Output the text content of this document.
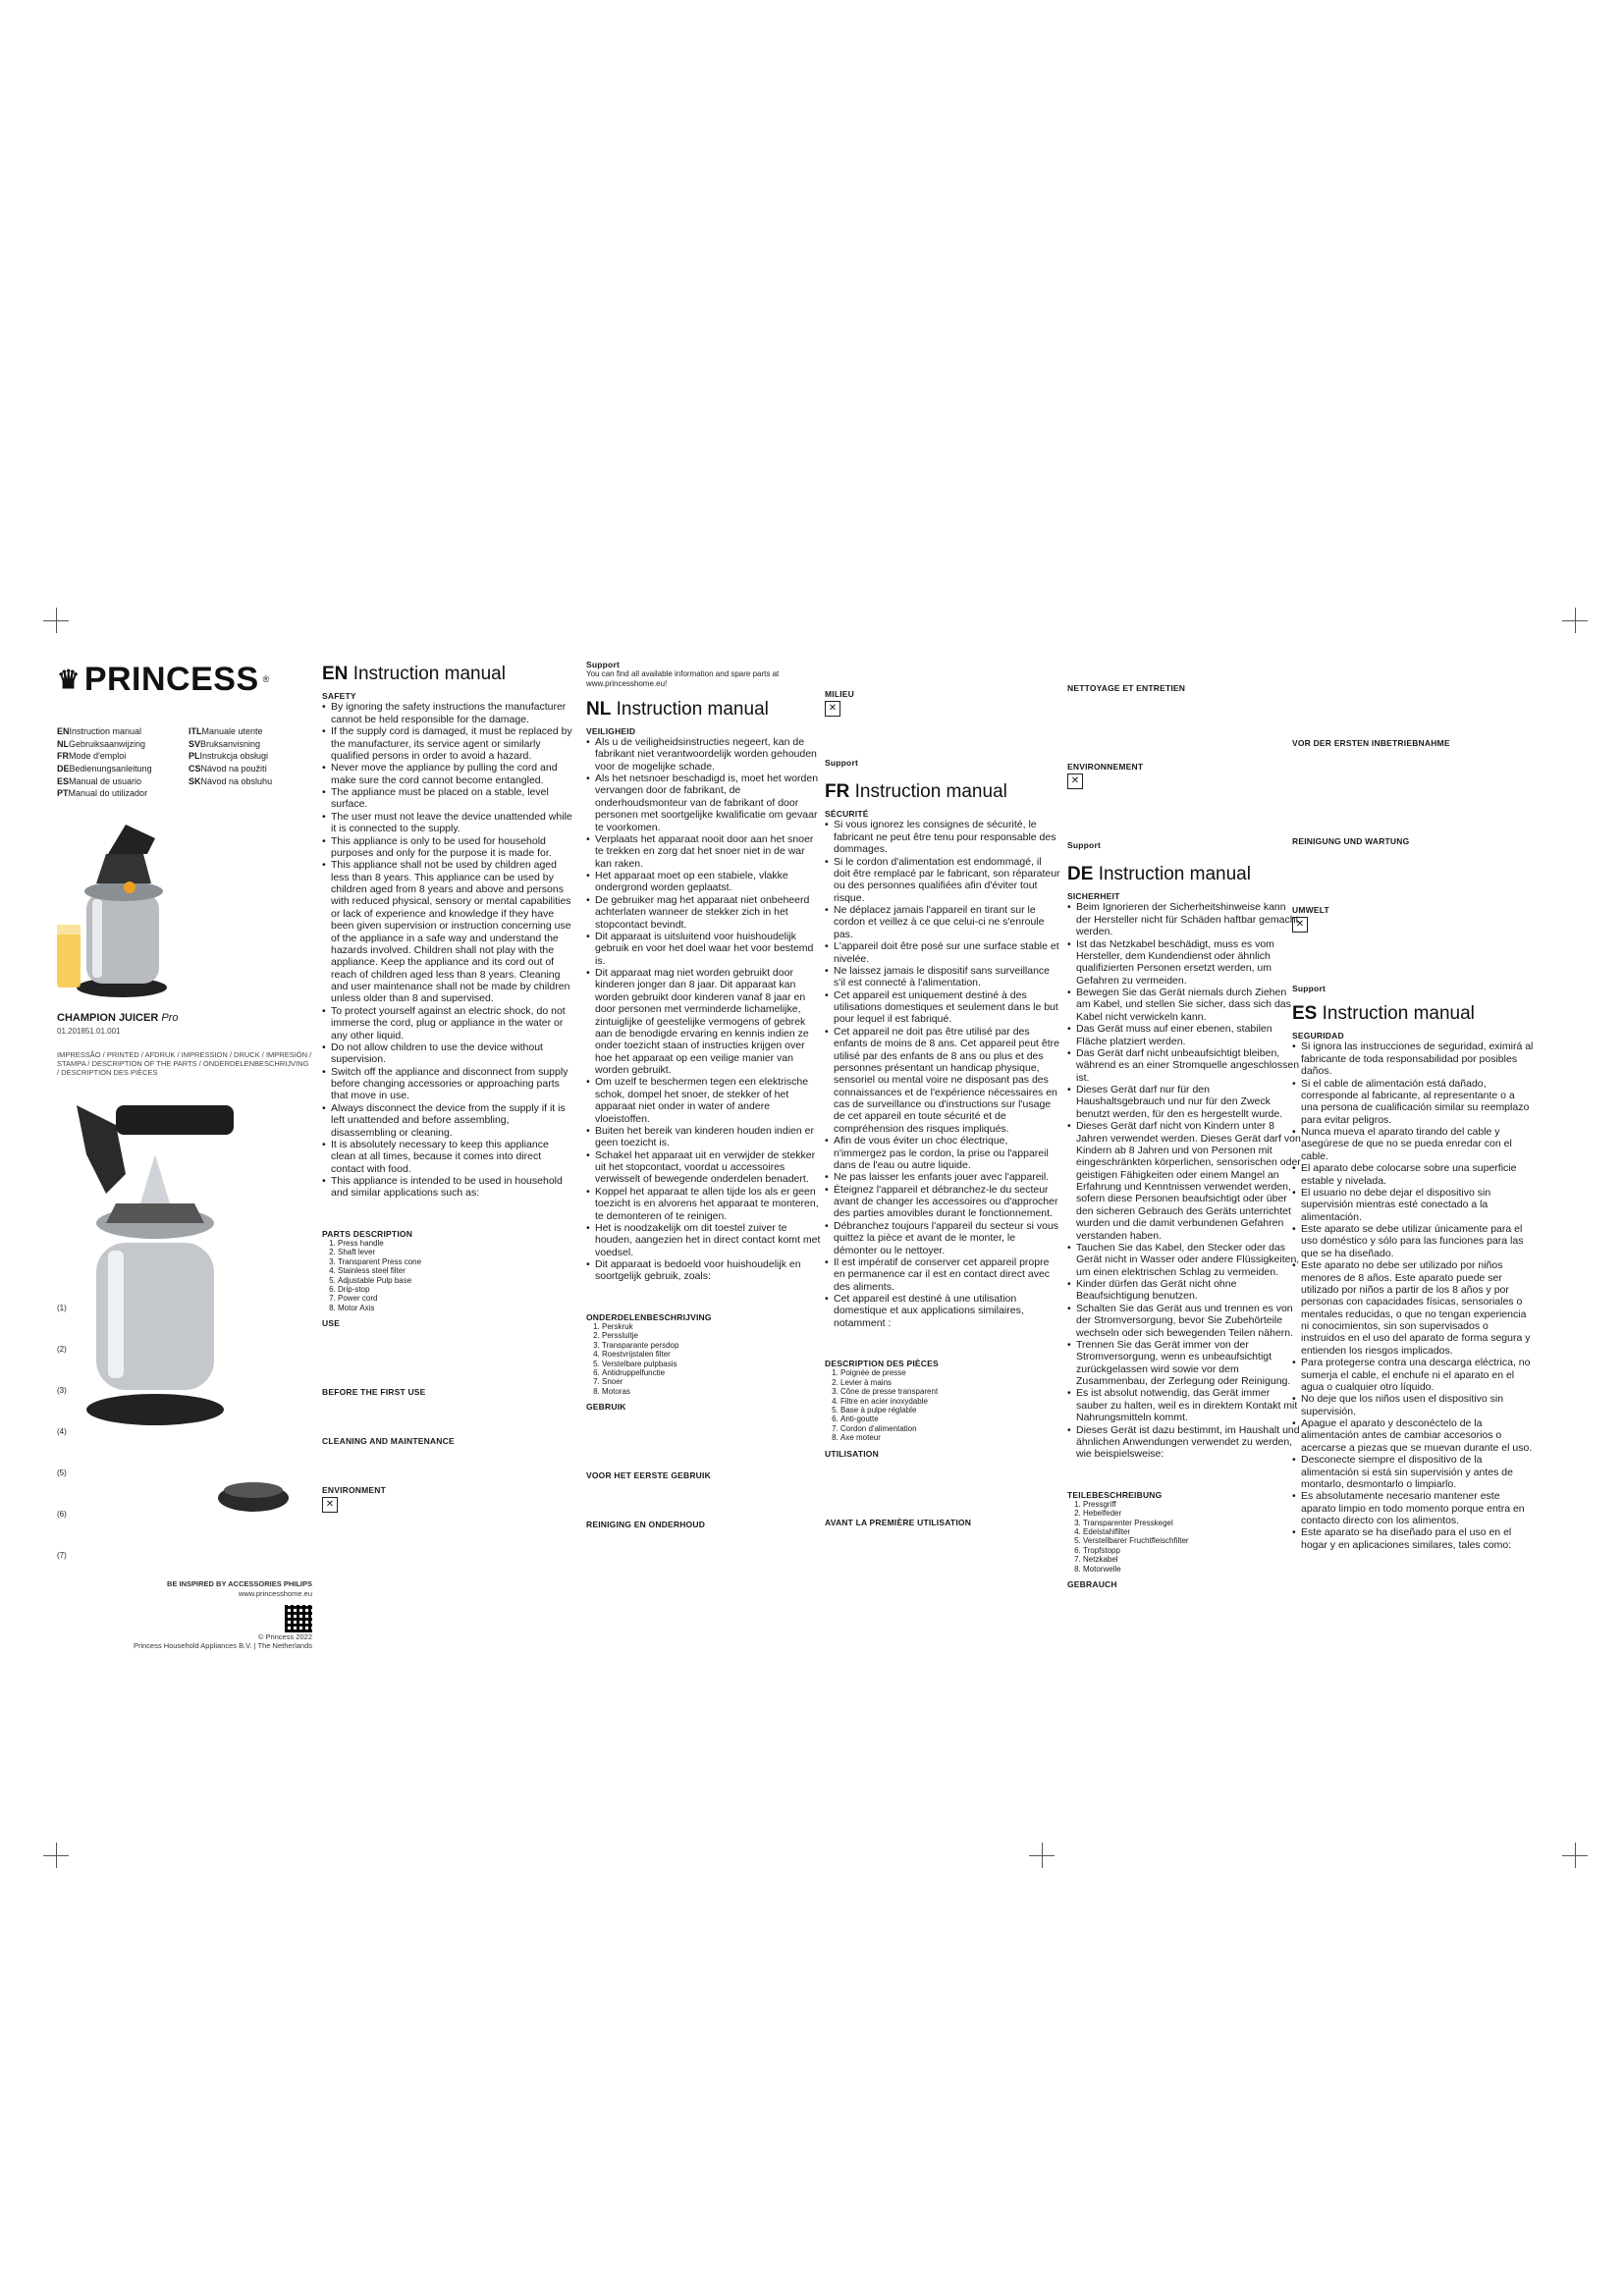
♛ PRINCESS ®
ENInstruction manual	ITLManuale utente
NLGebruiksaanwijzing	SVBruksanvisning
FRMode d'emploi	PLInstrukcja obsługi
DEBedienungsanleitung	CSNávod na použití
ESManual de usuario	SKNávod na obsluhu
PTManual do utilizador
CHAMPION JUICER Pro
01.201851.01.001
IMPRESSÃO / PRINTED / AFDRUK / IMPRESSION / DRUCK / IMPRESIÓN / STAMPA / DESCRIPTION OF THE PARTS / ONDERDELENBESCHRIJVING / DESCRIPTION DES PIÈCES
(1)
(2)
(3)
(4)
(5)
(6)
(7)
BE INSPIRED BY ACCESSORIES PHILIPS
www.princesshome.eu
© Princess 2022
Princess Household Appliances B.V. | The Netherlands
EN Instruction manual
SAFETY
• By ignoring the safety instructions the manufacturer cannot be held responsible for the damage.
• If the supply cord is damaged, it must be replaced by the manufacturer, its service agent or similarly qualified persons in order to avoid a hazard.
• Never move the appliance by pulling the cord and make sure the cord cannot become entangled.
• The appliance must be placed on a stable, level surface.
• The user must not leave the device unattended while it is connected to the supply.
• This appliance is only to be used for household purposes and only for the purpose it is made for.
• This appliance shall not be used by children aged less than 8 years. This appliance can be used by children aged from 8 years and above and persons with reduced physical, sensory or mental capabilities or lack of experience and knowledge if they have been given supervision or instruction concerning use of the appliance in a safe way and understand the hazards involved. Children shall not play with the appliance. Keep the appliance and its cord out of reach of children aged less than 8 years. Cleaning and user maintenance shall not be made by children unless older than 8 and supervised.
• To protect yourself against an electric shock, do not immerse the cord, plug or appliance in the water or any other liquid.
• Do not allow children to use the device without supervision.
• Switch off the appliance and disconnect from supply before changing accessories or approaching parts that move in use.
• Always disconnect the device from the supply if it is left unattended and before assembling, disassembling or cleaning.
• It is absolutely necessary to keep this appliance clean at all times, because it comes into direct contact with food.
• This appliance is intended to be used in household and similar applications such as:
PARTS DESCRIPTION
1. Press handle
2. Shaft lever
3. Transparent Press cone
4. Stainless steel filter
5. Adjustable Pulp base
6. Drip-stop
7. Power cord
8. Motor Axis
USE
BEFORE THE FIRST USE
CLEANING AND MAINTENANCE
ENVIRONMENT
✕
Support
You can find all available information and spare parts at www.princesshome.eu!
NL Instruction manual
VEILIGHEID
• Als u de veiligheidsinstructies negeert, kan de fabrikant niet verantwoordelijk worden gehouden voor de mogelijke schade.
• Als het netsnoer beschadigd is, moet het worden vervangen door de fabrikant, de onderhoudsmonteur van de fabrikant of door personen met soortgelijke kwalificatie om gevaar te voorkomen.
• Verplaats het apparaat nooit door aan het snoer te trekken en zorg dat het snoer niet in de war kan raken.
• Het apparaat moet op een stabiele, vlakke ondergrond worden geplaatst.
• De gebruiker mag het apparaat niet onbeheerd achterlaten wanneer de stekker zich in het stopcontact bevindt.
• Dit apparaat is uitsluitend voor huishoudelijk gebruik en voor het doel waar het voor bestemd is.
• Dit apparaat mag niet worden gebruikt door kinderen jonger dan 8 jaar. Dit apparaat kan worden gebruikt door kinderen vanaf 8 jaar en door personen met verminderde lichamelijke, zintuiglijke of geestelijke vermogens of gebrek aan de benodigde ervaring en kennis indien ze onder toezicht staan of instructies krijgen over hoe het apparaat op een veilige manier van worden gebruikt.
• Om uzelf te beschermen tegen een elektrische schok, dompel het snoer, de stekker of het apparaat niet onder in water of andere vloeistoffen.
• Buiten het bereik van kinderen houden indien er geen toezicht is.
• Schakel het apparaat uit en verwijder de stekker uit het stopcontact, voordat u accessoires verwisselt of bewegende onderdelen benadert.
• Koppel het apparaat te allen tijde los als er geen toezicht is en alvorens het apparaat te monteren, te demonteren of te reinigen.
• Het is noodzakelijk om dit toestel zuiver te houden, aangezien het in direct contact komt met voedsel.
• Dit apparaat is bedoeld voor huishoudelijk en soortgelijk gebruik, zoals:
ONDERDELENBESCHRIJVING
1. Perskruk
2. Perssluitje
3. Transparante persdop
4. Roestvrijstalen filter
5. Verstelbare pulpbasis
6. Antidruppelfunctie
7. Snoer
8. Motoras
GEBRUIK
VOOR HET EERSTE GEBRUIK
REINIGING EN ONDERHOUD
MILIEU
✕
Support
FR Instruction manual
SÉCURITÉ
• Si vous ignorez les consignes de sécurité, le fabricant ne peut être tenu pour responsable des dommages.
• Si le cordon d'alimentation est endommagé, il doit être remplacé par le fabricant, son réparateur ou des personnes qualifiées afin d'éviter tout risque.
• Ne déplacez jamais l'appareil en tirant sur le cordon et veillez à ce que celui-ci ne s'enroule pas.
• L'appareil doit être posé sur une surface stable et nivelée.
• Ne laissez jamais le dispositif sans surveillance s'il est connecté à l'alimentation.
• Cet appareil est uniquement destiné à des utilisations domestiques et seulement dans le but pour lequel il est fabriqué.
• Cet appareil ne doit pas être utilisé par des enfants de moins de 8 ans. Cet appareil peut être utilisé par des enfants de 8 ans ou plus et des personnes présentant un handicap physique, sensoriel ou mental voire ne disposant pas des connaissances et de l'expérience nécessaires en cas de surveillance ou d'instructions sur l'usage de cet appareil en toute sécurité et de compréhension des risques impliqués.
• Afin de vous éviter un choc électrique, n'immergez pas le cordon, la prise ou l'appareil dans de l'eau ou autre liquide.
• Ne pas laisser les enfants jouer avec l'appareil.
• Éteignez l'appareil et débranchez-le du secteur avant de changer les accessoires ou d'approcher des parties amovibles durant le fonctionnement.
• Débranchez toujours l'appareil du secteur si vous quittez la pièce et avant de le monter, le démonter ou le nettoyer.
• Il est impératif de conserver cet appareil propre en permanence car il est en contact direct avec des aliments.
• Cet appareil est destiné à une utilisation domestique et aux applications similaires, notamment :
DESCRIPTION DES PIÈCES
1. Poignée de presse
2. Levier à mains
3. Cône de presse transparent
4. Filtre en acier inoxydable
5. Base à pulpe réglable
6. Anti-goutte
7. Cordon d'alimentation
8. Axe moteur
UTILISATION
AVANT LA PREMIÈRE UTILISATION
NETTOYAGE ET ENTRETIEN
ENVIRONNEMENT
✕
Support
DE Instruction manual
SICHERHEIT
• Beim Ignorieren der Sicherheitshinweise kann der Hersteller nicht für Schäden haftbar gemacht werden.
• Ist das Netzkabel beschädigt, muss es vom Hersteller, dem Kundendienst oder ähnlich qualifizierten Personen ersetzt werden, um Gefahren zu vermeiden.
• Bewegen Sie das Gerät niemals durch Ziehen am Kabel, und stellen Sie sicher, dass sich das Kabel nicht verwickeln kann.
• Das Gerät muss auf einer ebenen, stabilen Fläche platziert werden.
• Das Gerät darf nicht unbeaufsichtigt bleiben, während es an einer Stromquelle angeschlossen ist.
• Dieses Gerät darf nur für den Haushaltsgebrauch und nur für den Zweck benutzt werden, für den es hergestellt wurde.
• Dieses Gerät darf nicht von Kindern unter 8 Jahren verwendet werden. Dieses Gerät darf von Kindern ab 8 Jahren und von Personen mit eingeschränkten körperlichen, sensorischen oder geistigen Fähigkeiten oder einem Mangel an Erfahrung und Kenntnissen verwendet werden, sofern diese Personen beaufsichtigt oder über den sicheren Gebrauch des Geräts unterrichtet wurden und die damit verbundenen Gefahren verstanden haben.
• Tauchen Sie das Kabel, den Stecker oder das Gerät nicht in Wasser oder andere Flüssigkeiten, um einen elektrischen Schlag zu vermeiden.
• Kinder dürfen das Gerät nicht ohne Beaufsichtigung benutzen.
• Schalten Sie das Gerät aus und trennen es von der Stromversorgung, bevor Sie Zubehörteile wechseln oder sich bewegenden Teilen nähern.
• Trennen Sie das Gerät immer von der Stromversorgung, wenn es unbeaufsichtigt zurückgelassen wird sowie vor dem Zusammenbau, der Zerlegung oder Reinigung.
• Es ist absolut notwendig, das Gerät immer sauber zu halten, weil es in direktem Kontakt mit Nahrungsmitteln kommt.
• Dieses Gerät ist dazu bestimmt, im Haushalt und ähnlichen Anwendungen verwendet zu werden, wie beispielsweise:
TEILEBESCHREIBUNG
1. Pressgriff
2. Hebelfeder
3. Transparenter Presskegel
4. Edelstahlfilter
5. Verstellbarer Fruchtfleischfilter
6. Tropfstopp
7. Netzkabel
8. Motorwelle
GEBRAUCH
VOR DER ERSTEN INBETRIEBNAHME
REINIGUNG UND WARTUNG
UMWELT
✕
Support
ES Instruction manual
SEGURIDAD
• Si ignora las instrucciones de seguridad, eximirá al fabricante de toda responsabilidad por posibles daños.
• Si el cable de alimentación está dañado, corresponde al fabricante, al representante o a una persona de cualificación similar su reemplazo para evitar peligros.
• Nunca mueva el aparato tirando del cable y asegúrese de que no se pueda enredar con el cable.
• El aparato debe colocarse sobre una superficie estable y nivelada.
• El usuario no debe dejar el dispositivo sin supervisión mientras esté conectado a la alimentación.
• Este aparato se debe utilizar únicamente para el uso doméstico y sólo para las funciones para las que se ha diseñado.
• Este aparato no debe ser utilizado por niños menores de 8 años. Este aparato puede ser utilizado por niños a partir de los 8 años y por personas con capacidades físicas, sensoriales o mentales reducidas, o que no tengan experiencia ni conocimientos, sin son supervisados o instruidos en el uso del aparato de forma segura y entienden los riesgos implicados.
• Para protegerse contra una descarga eléctrica, no sumerja el cable, el enchufe ni el aparato en el agua o cualquier otro líquido.
• No deje que los niños usen el dispositivo sin supervisión.
• Apague el aparato y desconéctelo de la alimentación antes de cambiar accesorios o acercarse a piezas que se muevan durante el uso.
• Desconecte siempre el dispositivo de la alimentación si está sin supervisión y antes de montarlo, desmontarlo o limpiarlo.
• Es absolutamente necesario mantener este aparato limpio en todo momento porque entra en contacto directo con los alimentos.
• Este aparato se ha diseñado para el uso en el hogar y en aplicaciones similares, tales como:
